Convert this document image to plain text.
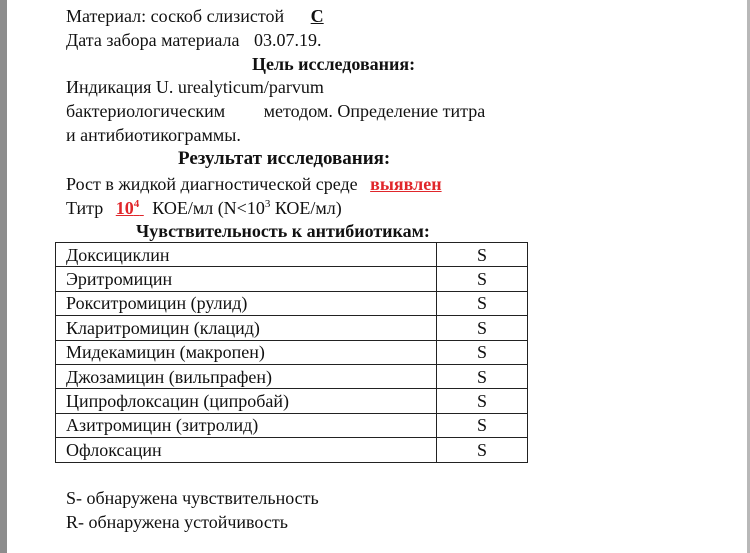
Материал: соскоб слизистой С
Дата забора материала 03.07.19.
Цель исследования:
Индикация U. urealyticum/parvum
бактериологическим методом. Определение титра
и антибиотикограммы.
Результат исследования:
Рост в жидкой диагностической среде выявлен
Титр $10^4$ КОЕ/мл ($N<10^3$ КОЕ/мл)
Чувствительность к антибиотикам:
Доксициклин	S
Эритромицин	S
Рокситромицин (рулид)	S
Кларитромицин (клацид)	S
Мидекамицин (макропен)	S
Джозамицин (вильпрафен)	S
Ципрофлоксацин (ципробай)	S
Азитромицин (зитролид)	S
Офлоксацин	S
S- обнаружена чувствительность
R- обнаружена устойчивость
